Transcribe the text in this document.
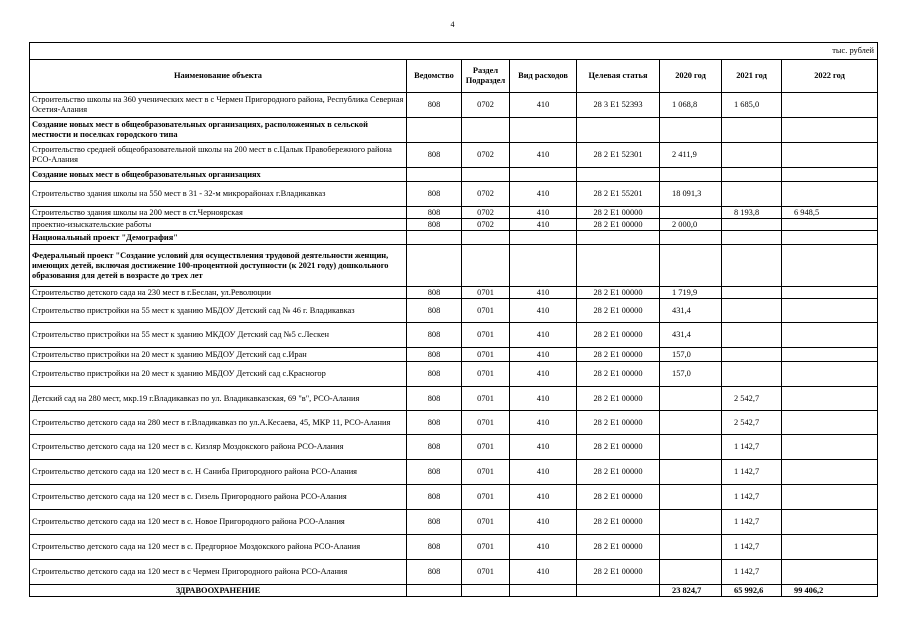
4
тыс. рублей							
Наименование объекта	Ведомство	Раздел Подраздел	Вид расходов	Целевая статья	2020 год	2021 год	2022 год
Строительство школы на 360 ученических мест в с Чермен Пригородного района, Республика Северная Осетия-Алания	808	0702	410	28 3 E1 52393	1 068,8	1 685,0	
Создание новых мест в общеобразовательных организациях, расположенных в сельской местности и поселках городского типа							
Строительство средней общеобразовательной школы на 200 мест в с.Цалык Правобережного района РСО-Алания	808	0702	410	28 2 E1 52301	2 411,9		
Создание новых мест в общеобразовательных организациях							
Строительство здания школы на 550 мест в 31 - 32-м микрорайонах г.Владикавказ	808	0702	410	28 2 E1 55201	18 091,3		
Строительство здания школы на 200 мест в ст.Черноярская	808	0702	410	28 2 E1 00000		8 193,8	6 948,5
проектно-изыскательские работы	808	0702	410	28 2 E1 00000	2 000,0		
Национальный проект "Демография"							
Федеральный проект "Создание условий для осуществления трудовой деятельности женщин, имеющих детей, включая достижение 100-процентной доступности (к 2021 году) дошкольного образования для детей в возрасте до трех лет							
Строительство детского сада на 230 мест в г.Беслан, ул.Революции	808	0701	410	28 2 E1 00000	1 719,9		
Строительство пристройки на 55 мест к зданию МБДОУ Детский сад № 46 г. Владикавказ	808	0701	410	28 2 E1 00000	431,4		
Строительство пристройки на 55 мест к зданию МКДОУ Детский сад №5 с.Лескен	808	0701	410	28 2 E1 00000	431,4		
Строительство пристройки на 20 мест к зданию МБДОУ Детский сад с.Иран	808	0701	410	28 2 E1 00000	157,0		
Строительство пристройки на 20 мест к зданию МБДОУ Детский сад с.Красногор	808	0701	410	28 2 E1 00000	157,0		
Детский сад на 280 мест, мкр.19 г.Владикавказ по ул. Владикавказская, 69 "в", РСО-Алания	808	0701	410	28 2 E1 00000		2 542,7	
Строительство детского сада на 280 мест в г.Владикавказ по ул.А.Кесаева, 45, МКР 11, РСО-Алания	808	0701	410	28 2 E1 00000		2 542,7	
Строительство детского сада на 120 мест в с. Кизляр Моздокского района РСО-Алания	808	0701	410	28 2 E1 00000		1 142,7	
Строительство детского сада на 120 мест в с. Н Саниба Пригородного района РСО-Алания	808	0701	410	28 2 E1 00000		1 142,7	
Строительство детского сада на 120 мест в с. Гизель Пригородного района РСО-Алания	808	0701	410	28 2 E1 00000		1 142,7	
Строительство детского сада на 120 мест в с. Новое Пригородного района РСО-Алания	808	0701	410	28 2 E1 00000		1 142,7	
Строительство детского сада на 120 мест в с. Предгорное Моздокского района РСО-Алания	808	0701	410	28 2 E1 00000		1 142,7	
Строительство детского сада на 120 мест в с Чермен Пригородного района РСО-Алания	808	0701	410	28 2 E1 00000		1 142,7	
ЗДРАВООХРАНЕНИЕ					23 824,7	65 992,6	99 406,2
